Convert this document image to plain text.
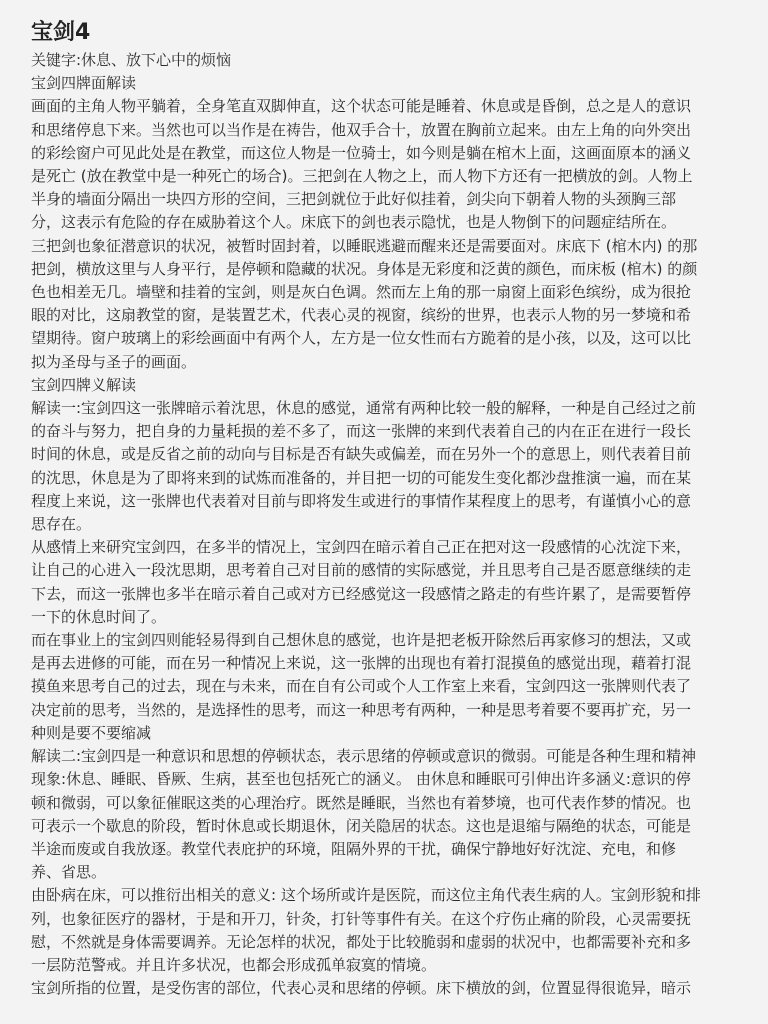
宝剑4
关键字:休息、放下心中的烦恼
宝剑四牌面解读
画面的主角人物平躺着，全身笔直双脚伸直，这个状态可能是睡着、休息或是昏倒，总之是人的意识
和思绪停息下来。当然也可以当作是在祷告，他双手合十，放置在胸前立起来。由左上角的向外突出
的彩绘窗户可见此处是在教堂，而这位人物是一位骑士，如今则是躺在棺木上面，这画面原本的涵义
是死亡 (放在教堂中是一种死亡的场合)。三把剑在人物之上，而人物下方还有一把横放的剑。人物上
半身的墙面分隔出一块四方形的空间，三把剑就位于此好似挂着，剑尖向下朝着人物的头颈胸三部
分，这表示有危险的存在威胁着这个人。床底下的剑也表示隐忧，也是人物倒下的问题症结所在。
三把剑也象征潜意识的状况，被暂时固封着，以睡眠逃避而醒来还是需要面对。床底下 (棺木内) 的那
把剑，横放这里与人身平行，是停顿和隐藏的状况。身体是无彩度和泛黄的颜色，而床板 (棺木) 的颜
色也相差无几。墙壁和挂着的宝剑，则是灰白色调。然而左上角的那一扇窗上面彩色缤纷，成为很抢
眼的对比，这扇教堂的窗，是装置艺术，代表心灵的视窗，缤纷的世界，也表示人物的另一梦境和希
望期待。窗户玻璃上的彩绘画面中有两个人，左方是一位女性而右方跪着的是小孩，以及，这可以比
拟为圣母与圣子的画面。
宝剑四牌义解读
解读一:宝剑四这一张牌暗示着沈思，休息的感觉，通常有两种比较一般的解释，一种是自己经过之前
的奋斗与努力，把自身的力量耗损的差不多了，而这一张牌的来到代表着自己的内在正在进行一段长
时间的休息，或是反省之前的动向与目标是否有缺失或偏差，而在另外一个的意思上，则代表着目前
的沈思，休息是为了即将来到的试炼而准备的，并目把一切的可能发生变化都沙盘推演一遍，而在某
程度上来说，这一张牌也代表着对目前与即将发生或进行的事情作某程度上的思考，有谨慎小心的意
思存在。
从感情上来研究宝剑四，在多半的情况上，宝剑四在暗示着自己正在把对这一段感情的心沈淀下来，
让自己的心进入一段沈思期，思考着自己对目前的感情的实际感觉，并且思考自己是否愿意继续的走
下去，而这一张牌也多半在暗示着自己或对方已经感觉这一段感情之路走的有些许累了，是需要暂停
一下的休息时间了。
而在事业上的宝剑四则能轻易得到自己想休息的感觉，也许是把老板开除然后再家修习的想法，又或
是再去进修的可能，而在另一种情况上来说，这一张牌的出现也有着打混摸鱼的感觉出现，藉着打混
摸鱼来思考自己的过去，现在与未来，而在自有公司或个人工作室上来看，宝剑四这一张牌则代表了
决定前的思考，当然的，是选择性的思考，而这一种思考有两种，一种是思考着要不要再扩充，另一
种则是要不要缩减
解读二:宝剑四是一种意识和思想的停顿状态，表示思绪的停顿或意识的微弱。可能是各种生理和精神
现象:休息、睡眠、昏厥、生病，甚至也包括死亡的涵义。 由休息和睡眠可引伸出许多涵义:意识的停
顿和微弱，可以象征催眠这类的心理治疗。既然是睡眠，当然也有着梦境，也可代表作梦的情况。也
可表示一个歇息的阶段，暂时休息或长期退休，闭关隐居的状态。这也是退缩与隔绝的状态，可能是
半途而废或自我放逐。教堂代表庇护的环境，阻隔外界的干扰，确保宁静地好好沈淀、充电，和修
养、省思。
由卧病在床，可以推衍出相关的意义: 这个场所或许是医院，而这位主角代表生病的人。宝剑形貌和排
列，也象征医疗的器材，于是和开刀，针灸，打针等事件有关。在这个疗伤止痛的阶段，心灵需要抚
慰，不然就是身体需要调养。无论怎样的状况，都处于比较脆弱和虚弱的状况中，也都需要补充和多
一层防范警戒。并且许多状况，也都会形成孤单寂寞的情境。
宝剑所指的位置，是受伤害的部位，代表心灵和思绪的停顿。床下横放的剑，位置显得很诡异，暗示
